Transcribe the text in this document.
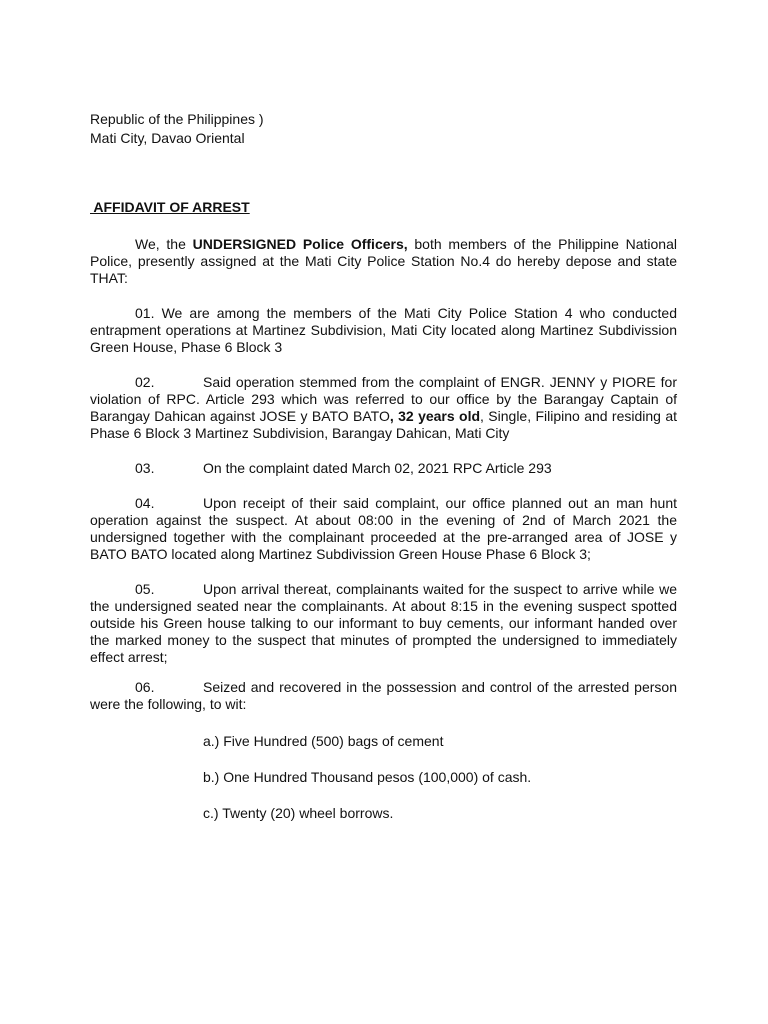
Republic of the Philippines )
Mati City, Davao Oriental
AFFIDAVIT OF ARREST

We, the UNDERSIGNED Police Officers, both members of the Philippine National Police, presently assigned at the Mati City Police Station No.4 do hereby depose and state THAT:

01. We are among the members of the Mati City Police Station 4 who conducted entrapment operations at Martinez Subdivision, Mati City located along Martinez Subdivission Green House, Phase 6 Block 3

02.	Said operation stemmed from the complaint of ENGR. JENNY y PIORE for violation of RPC. Article 293 which was referred to our office by the Barangay Captain of Barangay Dahican against JOSE y BATO BATO, 32 years old, Single, Filipino and residing at Phase 6 Block 3 Martinez Subdivision, Barangay Dahican, Mati City

03.	On the complaint dated March 02, 2021 RPC Article 293

04.	Upon receipt of their said complaint, our office planned out an man hunt operation against the suspect. At about 08:00 in the evening of 2nd of March 2021 the undersigned together with the complainant proceeded at the pre-arranged area of JOSE y BATO BATO located along Martinez Subdivission Green House Phase 6 Block 3;

05.	Upon arrival thereat, complainants waited for the suspect to arrive while we the undersigned seated near the complainants. At about 8:15 in the evening suspect spotted outside his Green house talking to our informant to buy cements, our informant handed over the marked money to the suspect that minutes of prompted the undersigned to immediately effect arrest;

06.	Seized and recovered in the possession and control of the arrested person were the following, to wit:

a.) Five Hundred (500) bags of cement

b.) One Hundred Thousand pesos (100,000) of cash.

c.) Twenty (20) wheel borrows.
